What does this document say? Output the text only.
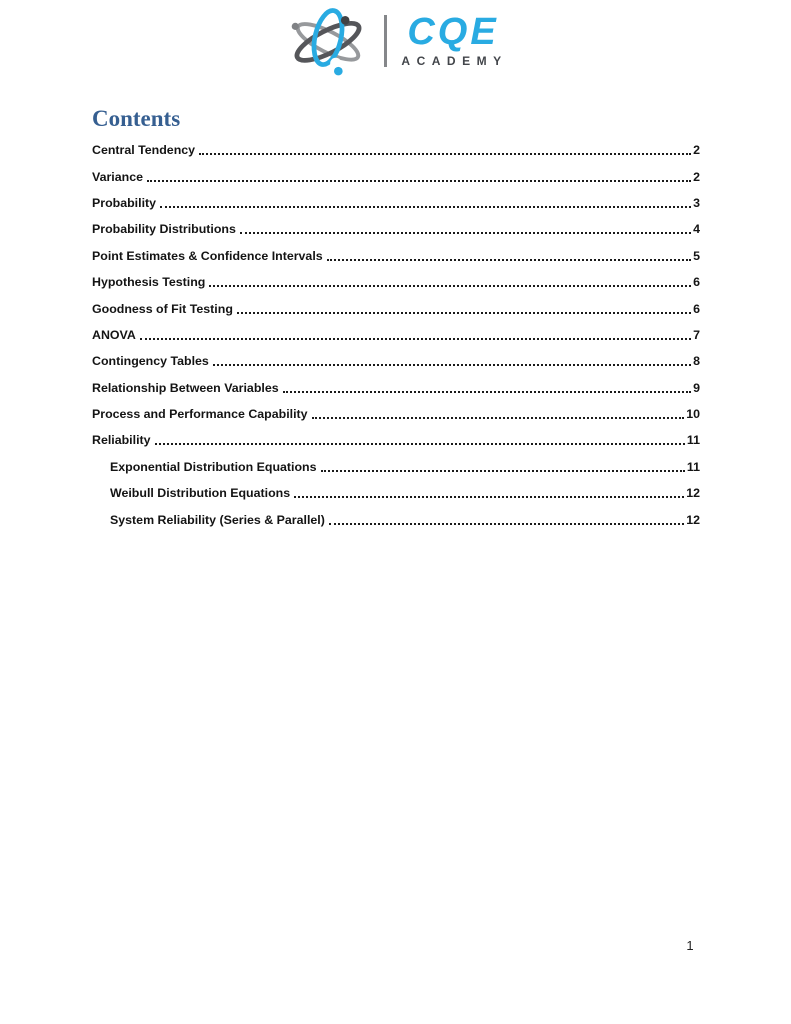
CQE
ACADEMY
Contents
Central Tendency	2
Variance	2
Probability	3
Probability Distributions	4
Point Estimates & Confidence Intervals	5
Hypothesis Testing	6
Goodness of Fit Testing	6
ANOVA	7
Contingency Tables	8
Relationship Between Variables	9
Process and Performance Capability	10
Reliability	11
Exponential Distribution Equations	11
Weibull Distribution Equations	12
System Reliability (Series & Parallel)	12
1
